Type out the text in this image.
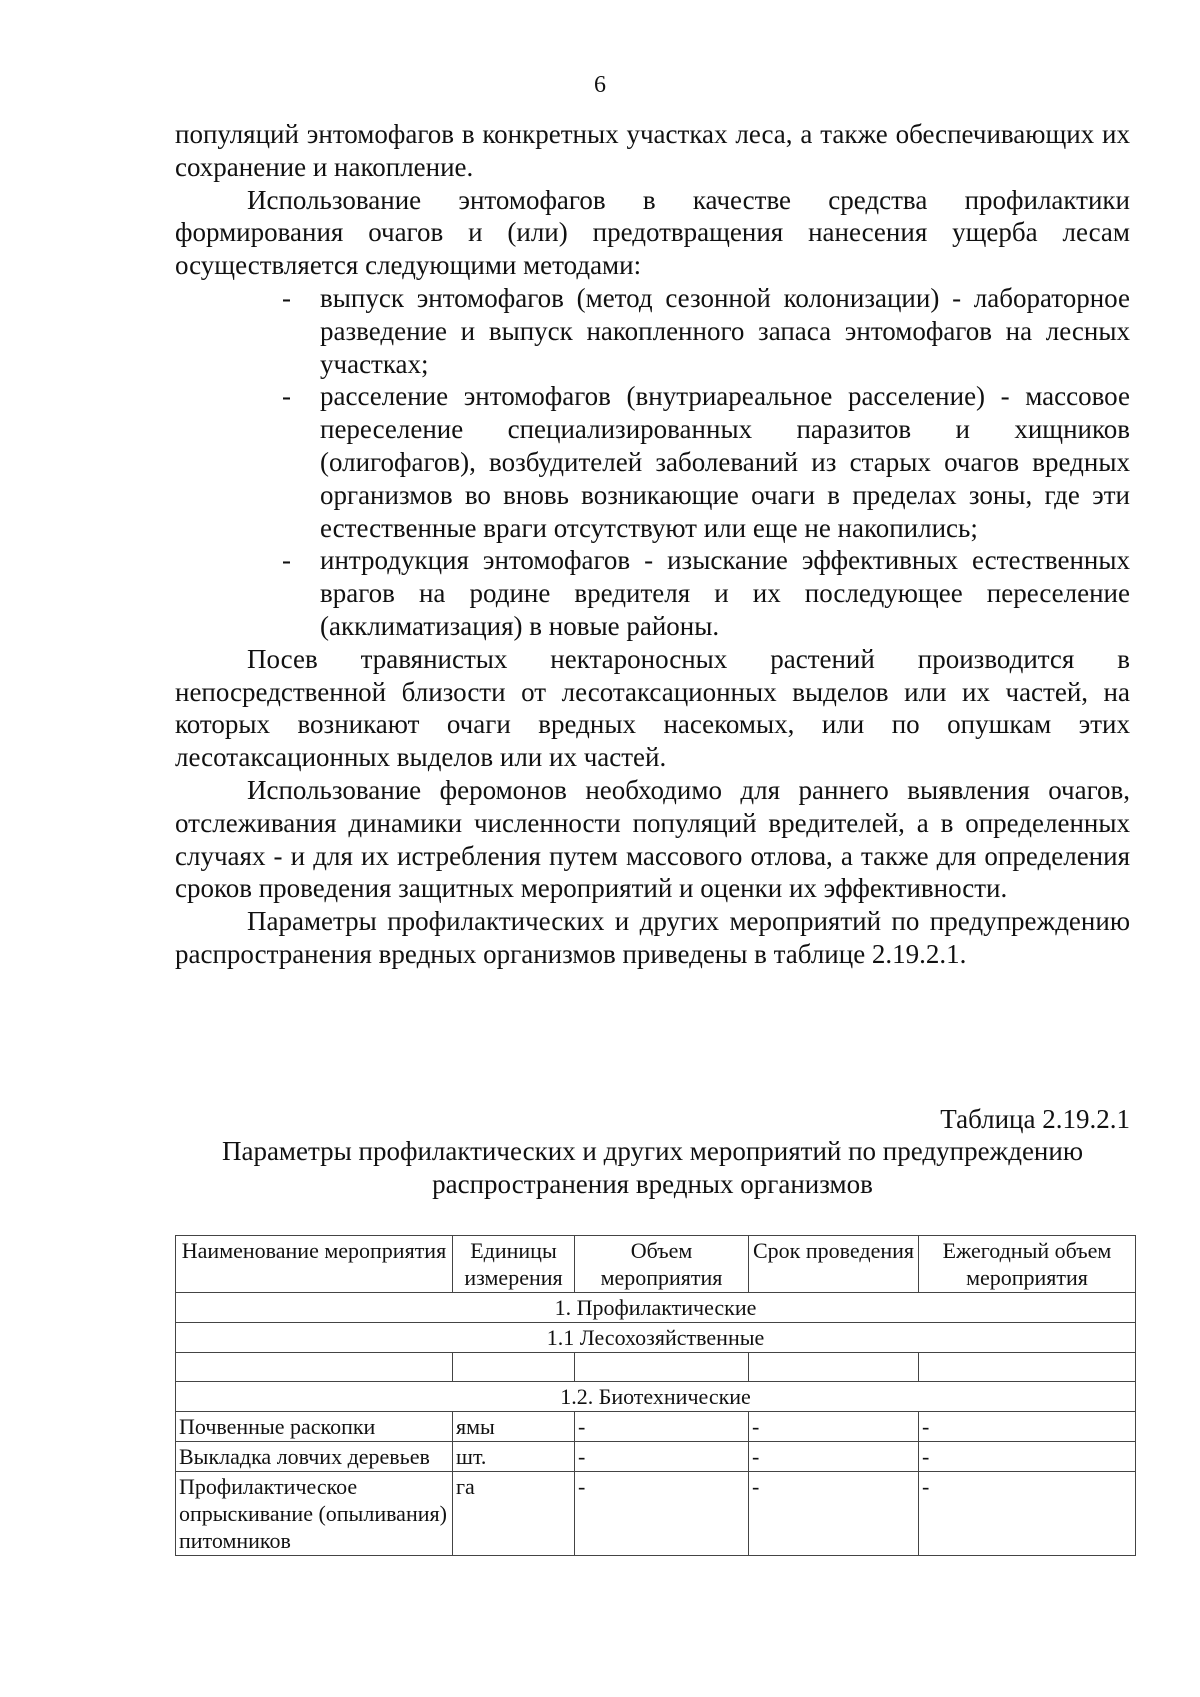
6

популяций энтомофагов в конкретных участках леса, а также обеспечивающих их сохранение и накопление.

Использование энтомофагов в качестве средства профилактики формирования очагов и (или) предотвращения нанесения ущерба лесам осуществляется следующими методами:

- выпуск энтомофагов (метод сезонной колонизации) - лабораторное разведение и выпуск накопленного запаса энтомофагов на лесных участках;
- расселение энтомофагов (внутриареальное расселение) - массовое переселение специализированных паразитов и хищников (олигофагов), возбудителей заболеваний из старых очагов вредных организмов во вновь возникающие очаги в пределах зоны, где эти естественные враги отсутствуют или еще не накопились;
- интродукция энтомофагов - изыскание эффективных естественных врагов на родине вредителя и их последующее переселение (акклиматизация) в новые районы.

Посев травянистых нектароносных растений производится в непосредственной близости от лесотаксационных выделов или их частей, на которых возникают очаги вредных насекомых, или по опушкам этих лесотаксационных выделов или их частей.

Использование феромонов необходимо для раннего выявления очагов, отслеживания динамики численности популяций вредителей, а в определенных случаях - и для их истребления путем массового отлова, а также для определения сроков проведения защитных мероприятий и оценки их эффективности.

Параметры профилактических и других мероприятий по предупреждению распространения вредных организмов приведены в таблице 2.19.2.1.

Таблица 2.19.2.1
Параметры профилактических и других мероприятий по предупреждению распространения вредных организмов
Наименование мероприятия	Единицы измерения	Объем мероприятия	Срок проведения	Ежегодный объем мероприятия
1. Профилактические				
1.1 Лесохозяйственные				

1.2. Биотехнические				
Почвенные раскопки	ямы	-	-	-
Выкладка ловчих деревьев	шт.	-	-	-
Профилактическое опрыскивание (опыливания) питомников	га	-	-	-
